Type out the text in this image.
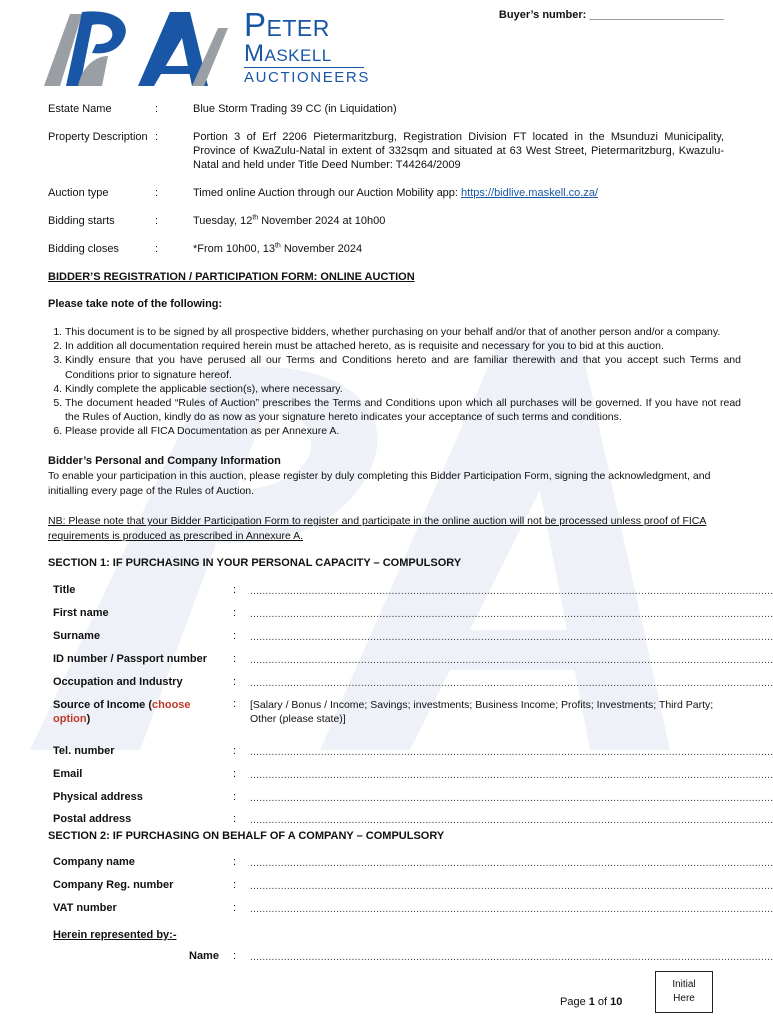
Peter
Maskell
AUCTIONEERS
Buyer’s number: ______________________
Estate Name	:	Blue Storm Trading 39 CC (in Liquidation)
Property Description :	Portion 3 of Erf 2206 Pietermaritzburg, Registration Division FT located in the Msunduzi Municipality, Province of KwaZulu-Natal in extent of 332sqm and situated at 63 West Street, Pietermaritzburg, Kwazulu-Natal and held under Title Deed Number: T44264/2009
Auction type	:	Timed online Auction through our Auction Mobility app: https://bidlive.maskell.co.za/
Bidding starts	:	Tuesday, 12th November 2024 at 10h00
Bidding closes	:	*From 10h00, 13th November 2024
BIDDER’S REGISTRATION / PARTICIPATION FORM: ONLINE AUCTION
Please take note of the following:
1. This document is to be signed by all prospective bidders, whether purchasing on your behalf and/or that of another person and/or a company.
2. In addition all documentation required herein must be attached hereto, as is requisite and necessary for you to bid at this auction.
3. Kindly ensure that you have perused all our Terms and Conditions hereto and are familiar therewith and that you accept such Terms and Conditions prior to signature hereof.
4. Kindly complete the applicable section(s), where necessary.
5. The document headed “Rules of Auction” prescribes the Terms and Conditions upon which all purchases will be governed. If you have not read the Rules of Auction, kindly do as now as your signature hereto indicates your acceptance of such terms and conditions.
6. Please provide all FICA Documentation as per Annexure A.
Bidder’s Personal and Company Information
To enable your participation in this auction, please register by duly completing this Bidder Participation Form, signing the acknowledgment, and initialling every page of the Rules of Auction.
NB: Please note that your Bidder Participation Form to register and participate in the online auction will not be processed unless proof of FICA requirements is produced as prescribed in Annexure A.
SECTION 1: IF PURCHASING IN YOUR PERSONAL CAPACITY – COMPULSORY
Title	: ..........................................................................................................................................................................
First name	: ..........................................................................................................................................................................
Surname	: ..........................................................................................................................................................................
ID number / Passport number : ..........................................................................................................................................................................
Occupation and Industry	: ..........................................................................................................................................................................
Source of Income (choose option)
: [Salary / Bonus / Income; Savings; investments; Business Income; Profits; Investments; Third Party; Other (please state)]
Tel. number	: ..........................................................................................................................................................................
Email	: ..........................................................................................................................................................................
Physical address	: ..........................................................................................................................................................................
Postal address	: ..........................................................................................................................................................................
SECTION 2: IF PURCHASING ON BEHALF OF A COMPANY – COMPULSORY
Company name	: ..........................................................................................................................................................................
Company Reg. number	: ..........................................................................................................................................................................
VAT number	: ..........................................................................................................................................................................
Herein represented by:-
Name : ..........................................................................................................................................................................
Page 1 of 10
Initial
Here
